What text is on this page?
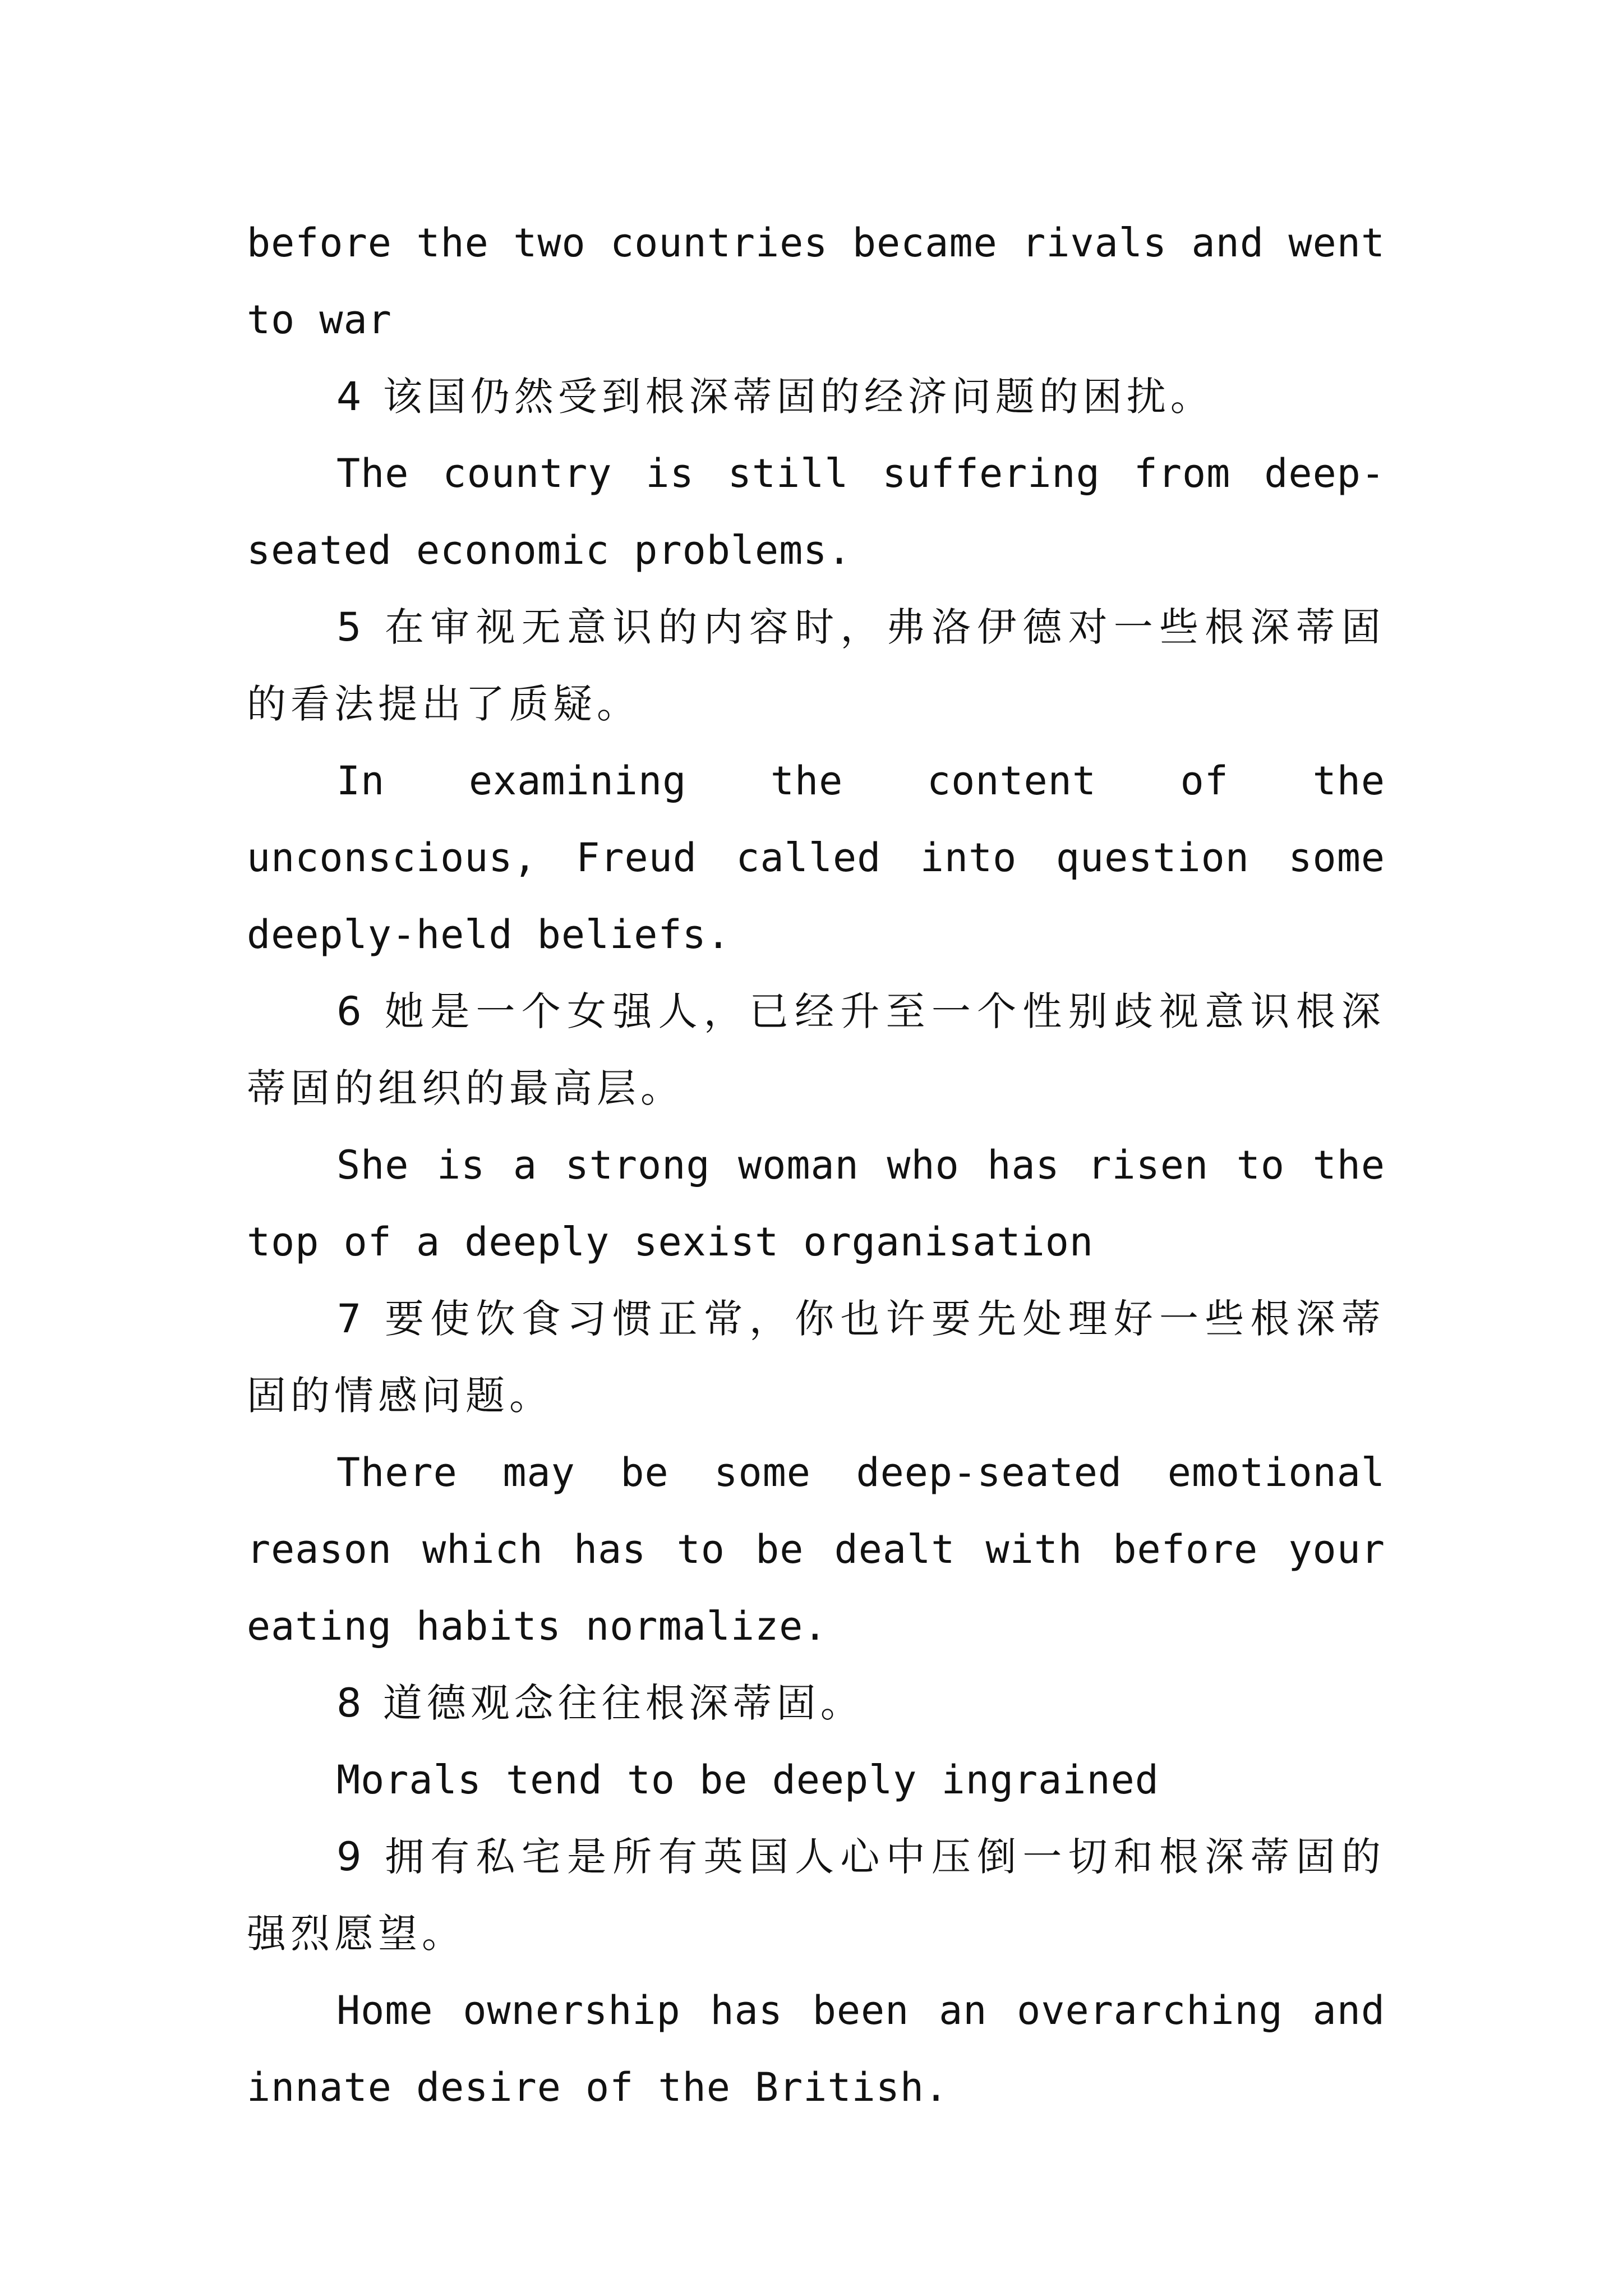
before the two countries became rivals and went to war

4 该国仍然受到根深蒂固的经济问题的困扰。

The country is still suffering from deep-seated economic problems.

5 在审视无意识的内容时，弗洛伊德对一些根深蒂固的看法提出了质疑。

In examining the content of the unconscious, Freud called into question some deeply-held beliefs.

6 她是一个女强人，已经升至一个性别歧视意识根深蒂固的组织的最高层。

She is a strong woman who has risen to the top of a deeply sexist organisation

7 要使饮食习惯正常，你也许要先处理好一些根深蒂固的情感问题。

There may be some deep-seated emotional reason which has to be dealt with before your eating habits normalize.

8 道德观念往往根深蒂固。

Morals tend to be deeply ingrained

9 拥有私宅是所有英国人心中压倒一切和根深蒂固的强烈愿望。

Home ownership has been an overarching and innate desire of the British.
